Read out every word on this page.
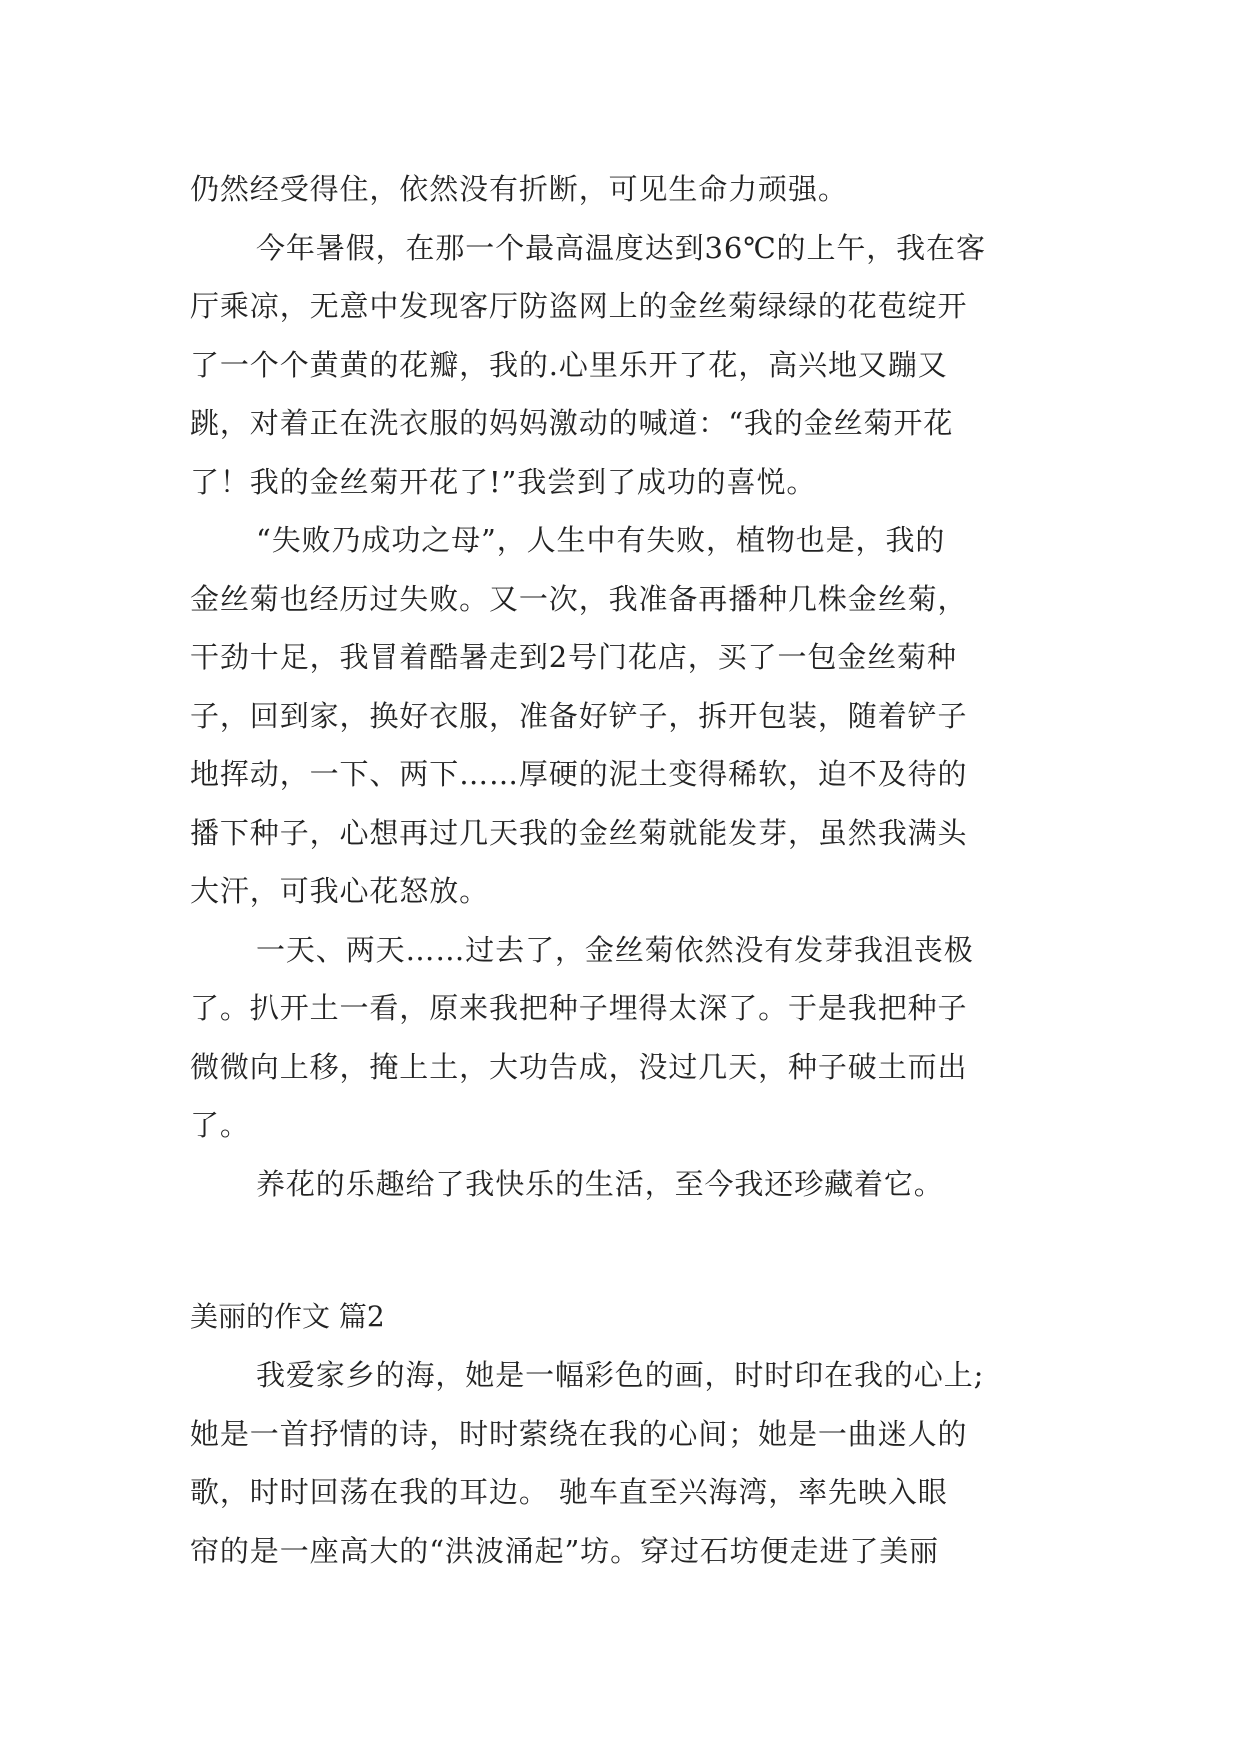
仍然经受得住，依然没有折断，可见生命力顽强。
今年暑假，在那一个最高温度达到36℃的上午，我在客
厅乘凉，无意中发现客厅防盗网上的金丝菊绿绿的花苞绽开
了一个个黄黄的花瓣，我的.心里乐开了花，高兴地又蹦又
跳，对着正在洗衣服的妈妈激动的喊道：“我的金丝菊开花
了！我的金丝菊开花了!”我尝到了成功的喜悦。
“失败乃成功之母”，人生中有失败，植物也是，我的
金丝菊也经历过失败。又一次，我准备再播种几株金丝菊，
干劲十足，我冒着酷暑走到2号门花店，买了一包金丝菊种
子，回到家，换好衣服，准备好铲子，拆开包装，随着铲子
地挥动，一下、两下……厚硬的泥土变得稀软，迫不及待的
播下种子，心想再过几天我的金丝菊就能发芽，虽然我满头
大汗，可我心花怒放。
一天、两天……过去了，金丝菊依然没有发芽我沮丧极
了。扒开土一看，原来我把种子埋得太深了。于是我把种子
微微向上移，掩上土，大功告成，没过几天，种子破土而出
了。
养花的乐趣给了我快乐的生活，至今我还珍藏着它。
美丽的作文 篇2
我爱家乡的海，她是一幅彩色的画，时时印在我的心上;
她是一首抒情的诗，时时萦绕在我的心间；她是一曲迷人的
歌，时时回荡在我的耳边。 驰车直至兴海湾，率先映入眼
帘的是一座高大的“洪波涌起”坊。穿过石坊便走进了美丽
